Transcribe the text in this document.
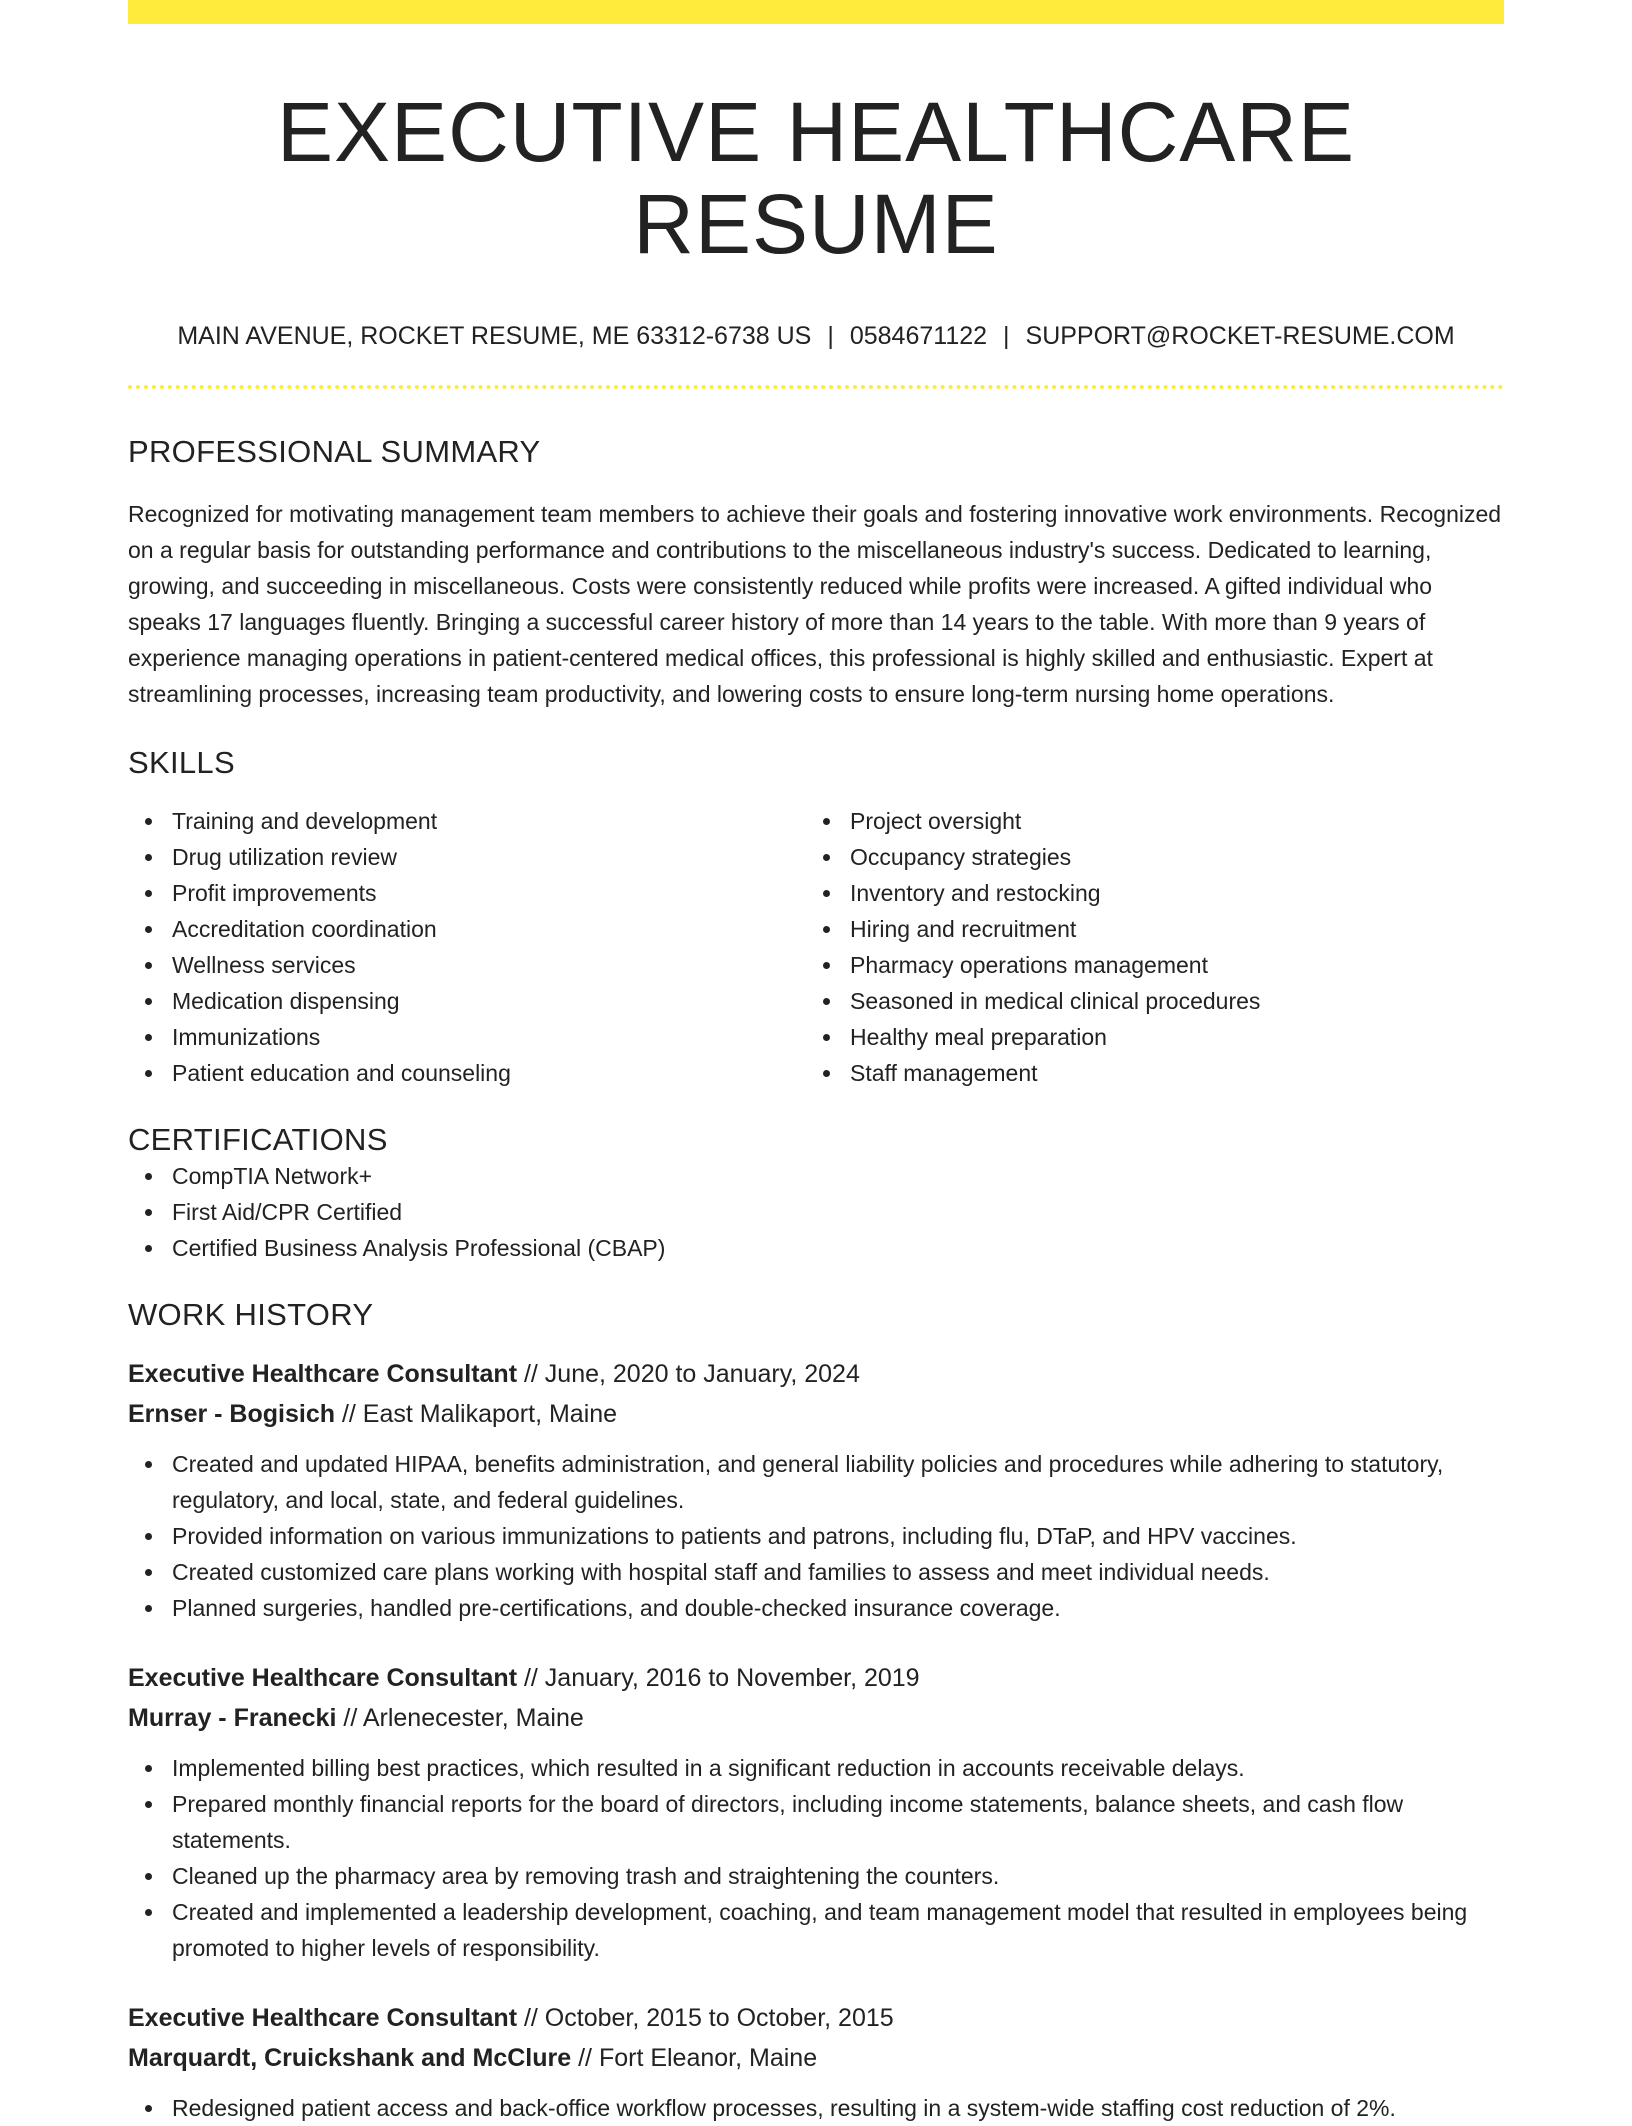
EXECUTIVE HEALTHCARE RESUME
MAIN AVENUE, ROCKET RESUME, ME 63312-6738 US | 0584671122 | SUPPORT@ROCKET-RESUME.COM
PROFESSIONAL SUMMARY

Recognized for motivating management team members to achieve their goals and fostering innovative work environments. Recognized on a regular basis for outstanding performance and contributions to the miscellaneous industry's success. Dedicated to learning, growing, and succeeding in miscellaneous. Costs were consistently reduced while profits were increased. A gifted individual who speaks 17 languages fluently. Bringing a successful career history of more than 14 years to the table. With more than 9 years of experience managing operations in patient-centered medical offices, this professional is highly skilled and enthusiastic. Expert at streamlining processes, increasing team productivity, and lowering costs to ensure long-term nursing home operations.

SKILLS
Training and development
Drug utilization review
Profit improvements
Accreditation coordination
Wellness services
Medication dispensing
Immunizations
Patient education and counseling
Project oversight
Occupancy strategies
Inventory and restocking
Hiring and recruitment
Pharmacy operations management
Seasoned in medical clinical procedures
Healthy meal preparation
Staff management
CERTIFICATIONS
CompTIA Network+
First Aid/CPR Certified
Certified Business Analysis Professional (CBAP)
WORK HISTORY
Executive Healthcare Consultant // June, 2020 to January, 2024
Ernser - Bogisich // East Malikaport, Maine
Created and updated HIPAA, benefits administration, and general liability policies and procedures while adhering to statutory, regulatory, and local, state, and federal guidelines.
Provided information on various immunizations to patients and patrons, including flu, DTaP, and HPV vaccines.
Created customized care plans working with hospital staff and families to assess and meet individual needs.
Planned surgeries, handled pre-certifications, and double-checked insurance coverage.
Executive Healthcare Consultant // January, 2016 to November, 2019
Murray - Franecki // Arlenecester, Maine
Implemented billing best practices, which resulted in a significant reduction in accounts receivable delays.
Prepared monthly financial reports for the board of directors, including income statements, balance sheets, and cash flow statements.
Cleaned up the pharmacy area by removing trash and straightening the counters.
Created and implemented a leadership development, coaching, and team management model that resulted in employees being promoted to higher levels of responsibility.
Executive Healthcare Consultant // October, 2015 to October, 2015
Marquardt, Cruickshank and McClure // Fort Eleanor, Maine
Redesigned patient access and back-office workflow processes, resulting in a system-wide staffing cost reduction of 2%.
